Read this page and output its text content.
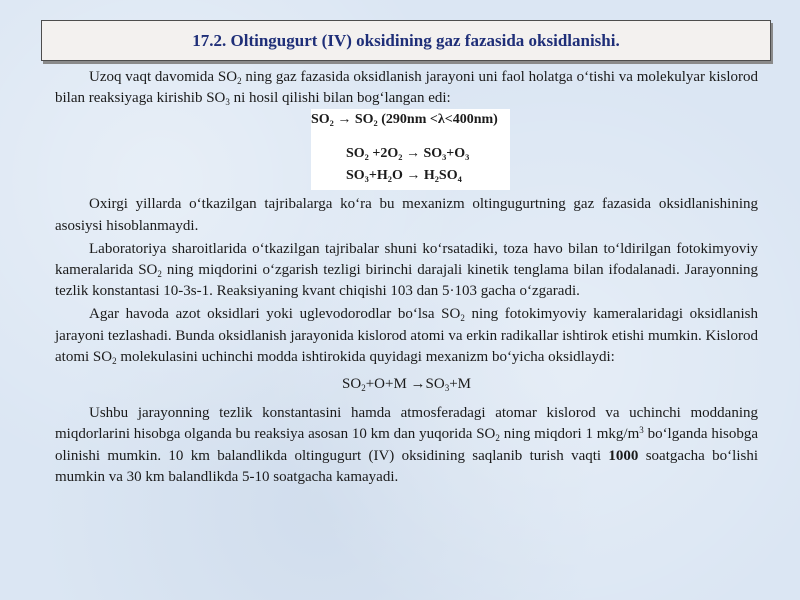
17.2. Oltingugurt (IV) oksidining gaz fazasida oksidlanishi.

Uzoq vaqt davomida $SO_2$ ning gaz fazasida oksidlanish jarayoni uni faol holatga o‘tishi va molekulyar kislorod bilan reaksiyaga kirishib $SO_3$ ni hosil qilishi bilan bog‘langan edi:

SO₂ → SO₂ (290nm <λ<400nm)
SO₂ +2O₂ → SO₃+O₃
SO₃+H₂O → H₂SO₄

Oxirgi yillarda o‘tkazilgan tajribalarga ko‘ra bu mexanizm oltingugurtning gaz fazasida oksidlanishining asosiysi hisoblanmaydi.

Laboratoriya sharoitlarida o‘tkazilgan tajribalar shuni ko‘rsatadiki, toza havo bilan to‘ldirilgan fotokimyoviy kameralarida $SO_2$ ning miqdorini o‘zgarish tezligi birinchi darajali kinetik tenglama bilan ifodalanadi. Jarayonning tezlik konstantasi 10-3s-1. Reaksiyaning kvant chiqishi 103 dan 5·103 gacha o‘zgaradi.

Agar havoda azot oksidlari yoki uglevodorodlar bo‘lsa $SO_2$ ning fotokimyoviy kameralaridagi oksidlanish jarayoni tezlashadi. Bunda oksidlanish jarayonida kislorod atomi va erkin radikallar ishtirok etishi mumkin. Kislorod atomi $SO_2$ molekulasini uchinchi modda ishtirokida quyidagi mexanizm bo‘yicha oksidlaydi:

$SO_2+O+M \to SO_3+M$

Ushbu jarayonning tezlik konstantasini hamda atmosferadagi atomar kislorod va uchinchi moddaning miqdorlarini hisobga olganda bu reaksiya asosan 10 km dan yuqorida $SO_2$ ning miqdori 1 mkg/$m^3$ bo‘lganda hisobga olinishi mumkin. 10 km balandlikda oltingugurt (IV) oksidining saqlanib turish vaqti 1000 soatgacha bo‘lishi mumkin va 30 km balandlikda 5-10 soatgacha kamayadi.
